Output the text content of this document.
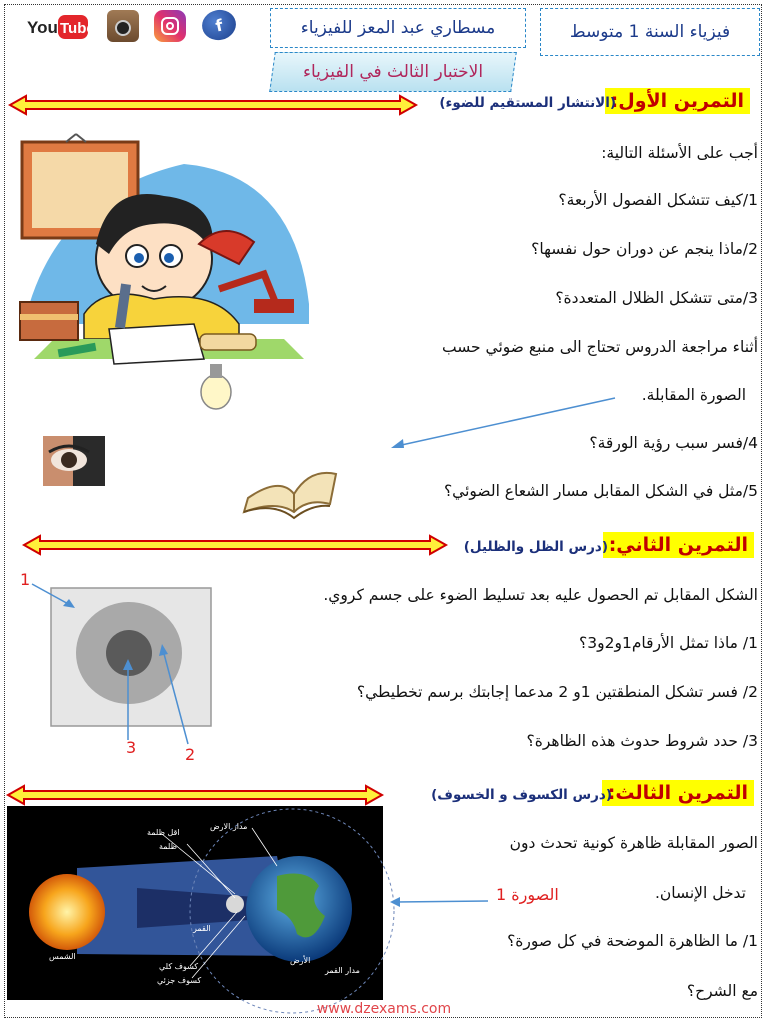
You Tube	f	مسطاري عبد المعز للفيزياء	فيزياء السنة 1 متوسط
الاختبار الثالث في الفيزياء
التمرين الأول:
(الانتشار المستقيم للضوء)
أجب على الأسئلة التالية:
1/كيف تتشكل الفصول الأربعة؟
2/ماذا ينجم عن دوران حول نفسها؟
3/متى تتشكل الظلال المتعددة؟
أثناء مراجعة الدروس تحتاج الى منبع ضوئي حسب
الصورة المقابلة.
4/فسر سبب رؤية الورقة؟
5/مثل في الشكل المقابل مسار الشعاع الضوئي؟
التمرين الثاني:
(درس الظل والظليل)
الشكل المقابل تم الحصول عليه بعد تسليط الضوء على جسم كروي.
1/ ماذا تمثل الأرقام1و2و3؟
2/ فسر تشكل المنطقتين 1و 2 مدعما إجابتك برسم تخطيطي؟
3/ حدد شروط حدوث هذه الظاهرة؟
1
2
3
التمرين الثالث:
(درس الكسوف و الخسوف)
مدار الارض
اقل ظلمة
ظلمة
القمر
الشمس	الأرض
مدار القمر
كسوف كلي
كسوف جزئي
الصور المقابلة ظاهرة كونية تحدث دون
تدخل الإنسان.
1/ ما الظاهرة الموضحة في كل صورة؟
مع الشرح؟
الصورة 1
www.dzexams.com
